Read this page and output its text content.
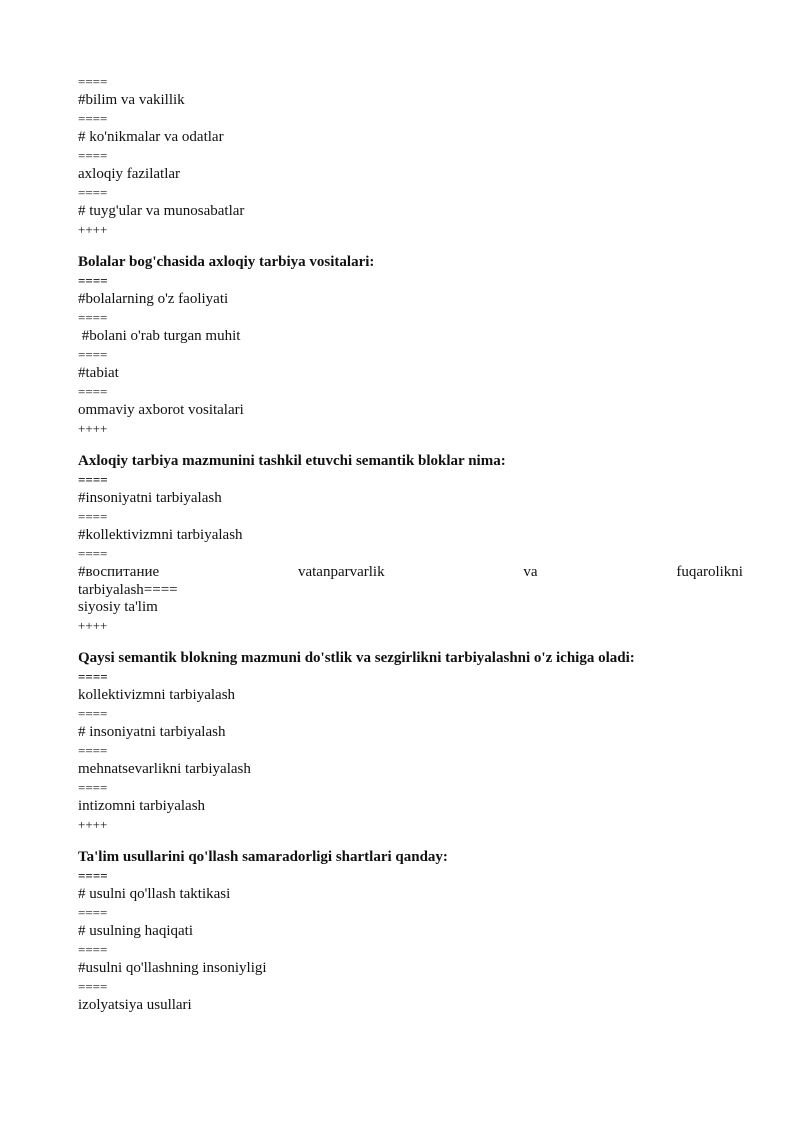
====
#bilim va vakillik
====
# ko'nikmalar va odatlar
====
axloqiy fazilatlar
====
# tuyg'ular va munosabatlar
++++
Bolalar bog'chasida axloqiy tarbiya vositalari:
====
#bolalarning o'z faoliyati
====
#bolani o'rab turgan muhit
====
#tabiat
====
ommaviy axborot vositalari
++++
Axloqiy tarbiya mazmunini tashkil etuvchi semantik bloklar nima:
====
#insoniyatni tarbiyalash
====
#kollektivizmni tarbiyalash
====
#воспитание	vatanparvarlik	va	fuqarolikni
tarbiyalash====
siyosiy ta'lim
++++
Qaysi semantik blokning mazmuni do'stlik va sezgirlikni tarbiyalashni o'z ichiga oladi:
====
kollektivizmni tarbiyalash
====
# insoniyatni tarbiyalash
====
mehnatsevarlikni tarbiyalash
====
intizomni tarbiyalash
++++
Ta'lim usullarini qo'llash samaradorligi shartlari qanday:
====
# usulni qo'llash taktikasi
====
# usulning haqiqati
====
#usulni qo'llashning insoniyligi
====
izolyatsiya usullari
